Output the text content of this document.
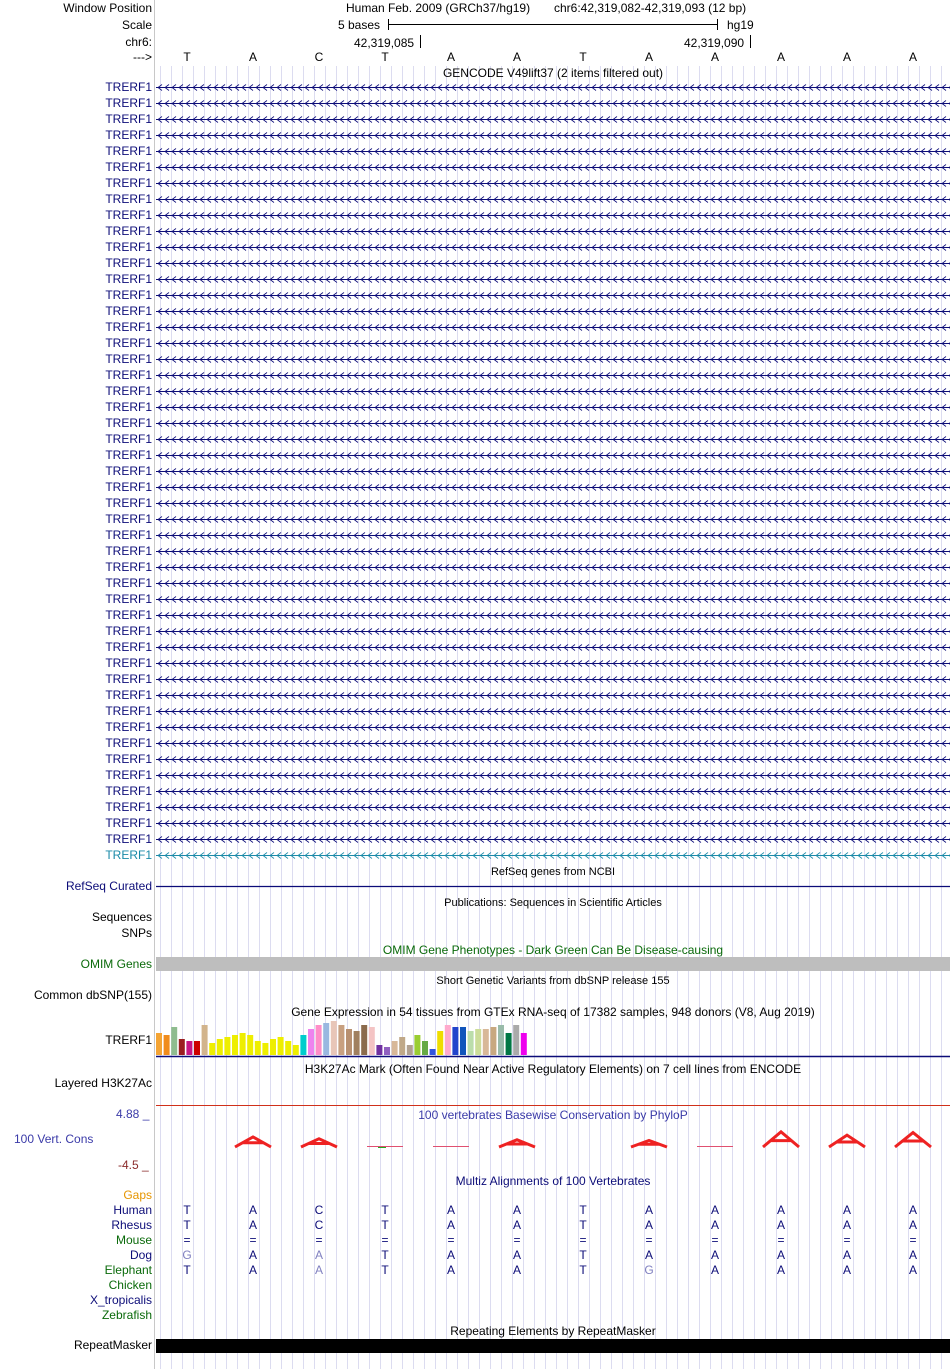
Window Position
Scale
chr6:
--->
Human Feb. 2009 (GRCh37/hg19) chr6:42,319,082-42,319,093 (12 bp)
5 bases	hg19
42,319,085	42,319,090
T	A	C	T	A	A	T	A	A	A	A	A
GENCODE V49lift37 (2 items filtered out)
TRERF1
TRERF1
TRERF1
TRERF1
TRERF1
TRERF1
TRERF1
TRERF1
TRERF1
TRERF1
TRERF1
TRERF1
TRERF1
TRERF1
TRERF1
TRERF1
TRERF1
TRERF1
TRERF1
TRERF1
TRERF1
TRERF1
TRERF1
TRERF1
TRERF1
TRERF1
TRERF1
TRERF1
TRERF1
TRERF1
TRERF1
TRERF1
TRERF1
TRERF1
TRERF1
TRERF1
TRERF1
TRERF1
TRERF1
TRERF1
TRERF1
TRERF1
TRERF1
TRERF1
TRERF1
TRERF1
TRERF1
TRERF1
TRERF1
RefSeq genes from NCBI
RefSeq Curated
Publications: Sequences in Scientific Articles
Sequences
SNPs
OMIM Gene Phenotypes - Dark Green Can Be Disease-causing
OMIM Genes
Short Genetic Variants from dbSNP release 155
Common dbSNP(155)
Gene Expression in 54 tissues from GTEx RNA-seq of 17382 samples, 948 donors (V8, Aug 2019)
TRERF1
H3K27Ac Mark (Often Found Near Active Regulatory Elements) on 7 cell lines from ENCODE
Layered H3K27Ac
100 vertebrates Basewise Conservation by PhyloP
4.88 _
100 Vert. Cons
-4.5 _
Multiz Alignments of 100 Vertebrates
Gaps
Human	T	A	C	T	A	A	T	A	A	A	A	A
Rhesus	T	A	C	T	A	A	T	A	A	A	A	A
Mouse	=	=	=	=	=	=	=	=	=	=	=	=
Dog	G	A	A	T	A	A	T	A	A	A	A	A
Elephant	T	A	A	T	A	A	T	G	A	A	A	A
Chicken
X_tropicalis
Zebrafish
Repeating Elements by RepeatMasker
RepeatMasker
